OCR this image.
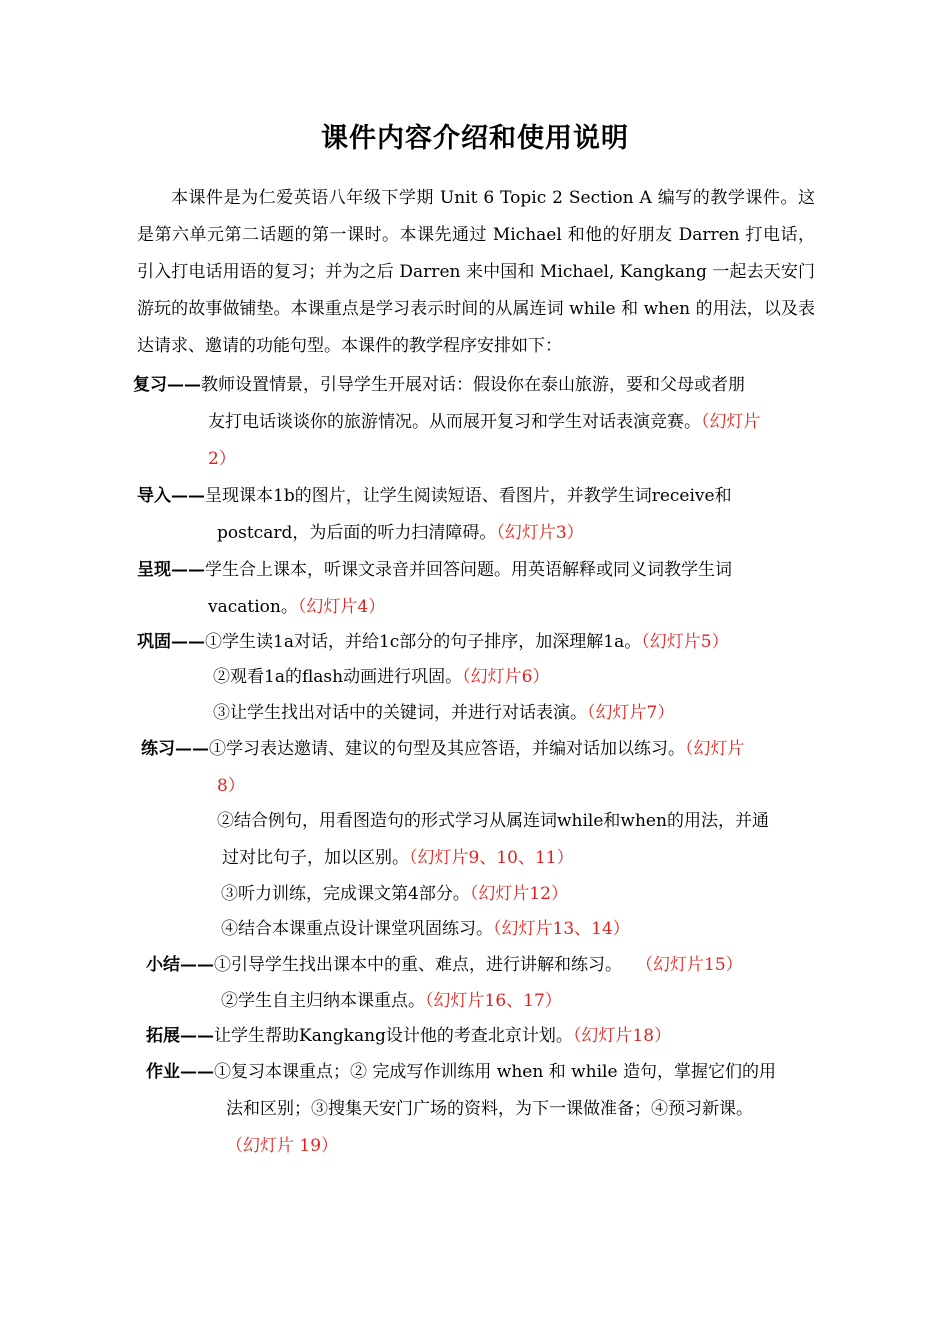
课件内容介绍和使用说明
本课件是为仁爱英语八年级下学期 Unit 6 Topic 2 Section A 编写的教学课件。这是第六单元第二话题的第一课时。本课先通过 Michael 和他的好朋友 Darren 打电话，引入打电话用语的复习；并为之后 Darren 来中国和 Michael, Kangkang 一起去天安门游玩的故事做铺垫。本课重点是学习表示时间的从属连词 while 和 when 的用法，以及表达请求、邀请的功能句型。本课件的教学程序安排如下：
复习——教师设置情景，引导学生开展对话：假设你在泰山旅游，要和父母或者朋
友打电话谈谈你的旅游情况。从而展开复习和学生对话表演竞赛。（幻灯片
2）
导入——呈现课本1b的图片，让学生阅读短语、看图片，并教学生词receive和
postcard，为后面的听力扫清障碍。（幻灯片3）
呈现——学生合上课本，听课文录音并回答问题。用英语解释或同义词教学生词
vacation。（幻灯片4）
巩固——①学生读1a对话，并给1c部分的句子排序，加深理解1a。（幻灯片5）
②观看1a的flash动画进行巩固。（幻灯片6）
③让学生找出对话中的关键词，并进行对话表演。（幻灯片7）
练习——①学习表达邀请、建议的句型及其应答语，并编对话加以练习。（幻灯片
8）
②结合例句，用看图造句的形式学习从属连词while和when的用法，并通
过对比句子，加以区别。（幻灯片9、10、11）
③听力训练，完成课文第4部分。（幻灯片12）
④结合本课重点设计课堂巩固练习。（幻灯片13、14）
小结——①引导学生找出课本中的重、难点，进行讲解和练习。 （幻灯片15）
②学生自主归纳本课重点。（幻灯片16、17）
拓展——让学生帮助Kangkang设计他的考查北京计划。（幻灯片18）
作业——①复习本课重点；② 完成写作训练用 when 和 while 造句，掌握它们的用
法和区别；③搜集天安门广场的资料，为下一课做准备；④预习新课。
（幻灯片 19）
